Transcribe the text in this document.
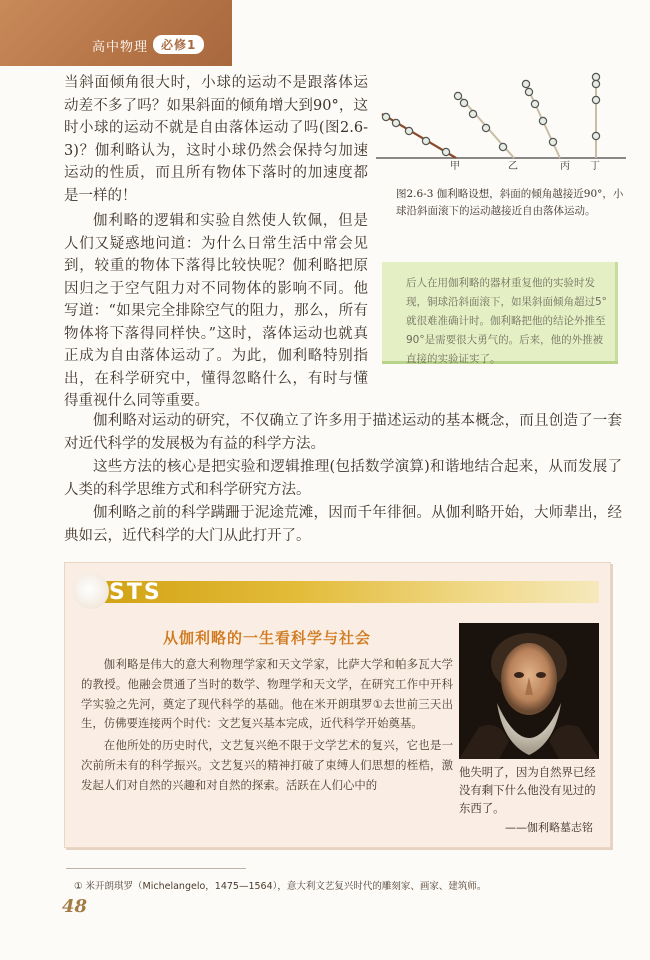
高中物理	必修1

当斜面倾角很大时，小球的运动不是跟落体运动差不多了吗？如果斜面的倾角增大到90°，这时小球的运动不就是自由落体运动了吗(图2.6-3)？伽利略认为，这时小球仍然会保持匀加速运动的性质，而且所有物体下落时的加速度都是一样的！

伽利略的逻辑和实验自然使人钦佩，但是人们又疑惑地问道：为什么日常生活中常会见到，较重的物体下落得比较快呢？伽利略把原因归之于空气阻力对不同物体的影响不同。他写道：“如果完全排除空气的阻力，那么，所有物体将下落得同样快。”这时，落体运动也就真正成为自由落体运动了。为此，伽利略特别指出，在科学研究中，懂得忽略什么，有时与懂得重视什么同等重要。

伽利略对运动的研究，不仅确立了许多用于描述运动的基本概念，而且创造了一套对近代科学的发展极为有益的科学方法。

这些方法的核心是把实验和逻辑推理(包括数学演算)和谐地结合起来，从而发展了人类的科学思维方式和科学研究方法。

伽利略之前的科学蹒跚于泥途荒滩，因而千年徘徊。从伽利略开始，大师辈出，经典如云，近代科学的大门从此打开了。

甲	乙	丙 丁

图2.6-3 伽利略设想，斜面的倾角越接近90°，小球沿斜面滚下的运动越接近自由落体运动。

后人在用伽利略的器材重复他的实验时发现，铜球沿斜面滚下，如果斜面倾角超过5°就很难准确计时。伽利略把他的结论外推至90°是需要很大勇气的。后来，他的外推被直接的实验证实了。

STS
从伽利略的一生看科学与社会

伽利略是伟大的意大利物理学家和天文学家，比萨大学和帕多瓦大学的教授。他融会贯通了当时的数学、物理学和天文学，在研究工作中开科学实验之先河，奠定了现代科学的基础。他在米开朗琪罗①去世前三天出生，仿佛要连接两个时代：文艺复兴基本完成，近代科学开始奠基。

在他所处的历史时代，文艺复兴绝不限于文学艺术的复兴，它也是一次前所未有的科学振兴。文艺复兴的精神打破了束缚人们思想的桎梏，激发起人们对自然的兴趣和对自然的探索。活跃在人们心中的

他失明了，因为自然界已经没有剩下什么他没有见过的东西了。

——伽利略墓志铭

① 米开朗琪罗（Michelangelo，1475—1564），意大利文艺复兴时代的雕刻家、画家、建筑师。

48
